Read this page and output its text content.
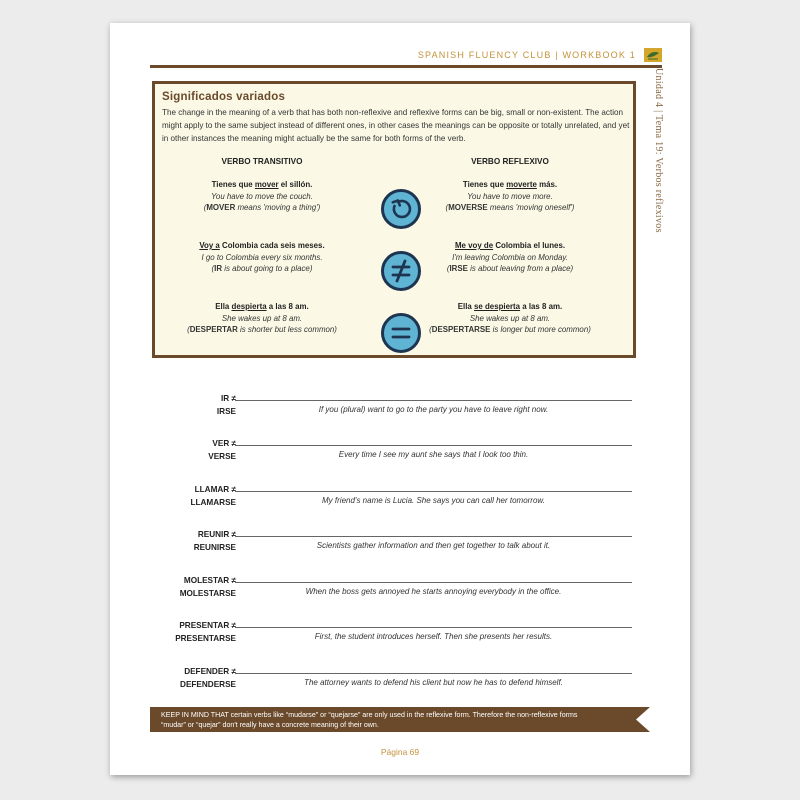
SPANISH FLUENCY CLUB | WORKBOOK 1
Unidad 4 | Tema 19: Verbos reflexivos
Significados variados
The change in the meaning of a verb that has both non-reflexive and reflexive forms can be big, small or non-existent. The action might apply to the same subject instead of different ones, in other cases the meanings can be opposite or totally unrelated, and yet in other instances the meaning might actually be the same for both forms of the verb.
VERBO TRANSITIVO	VERBO REFLEXIVO
Tienes que mover el sillón.
You have to move the couch.
(MOVER means 'moving a thing')
Tienes que moverte más.
You have to move more.
(MOVERSE means 'moving oneself')
Voy a Colombia cada seis meses.
I go to Colombia every six months.
(IR is about going to a place)
Me voy de Colombia el lunes.
I'm leaving Colombia on Monday.
(IRSE is about leaving from a place)
Ella despierta a las 8 am.
She wakes up at 8 am.
(DESPERTAR is shorter but less common)
Ella se despierta a las 8 am.
She wakes up at 8 am.
(DESPERTARSE is longer but more common)
IR ≠
IRSE	If you (plural) want to go to the party you have to leave right now.
VER ≠
VERSE	Every time I see my aunt she says that I look too thin.
LLAMAR ≠
LLAMARSE	My friend's name is Lucia. She says you can call her tomorrow.
REUNIR ≠
REUNIRSE	Scientists gather information and then get together to talk about it.
MOLESTAR ≠
MOLESTARSE	When the boss gets annoyed he starts annoying everybody in the office.
PRESENTAR ≠
PRESENTARSE	First, the student introduces herself. Then she presents her results.
DEFENDER ≠
DEFENDERSE	The attorney wants to defend his client but now he has to defend himself.
KEEP IN MIND THAT certain verbs like “mudarse” or “quejarse” are only used in the reflexive form. Therefore the non-reflexive forms “mudar” or “quejar” don't really have a concrete meaning of their own.
Página 69
